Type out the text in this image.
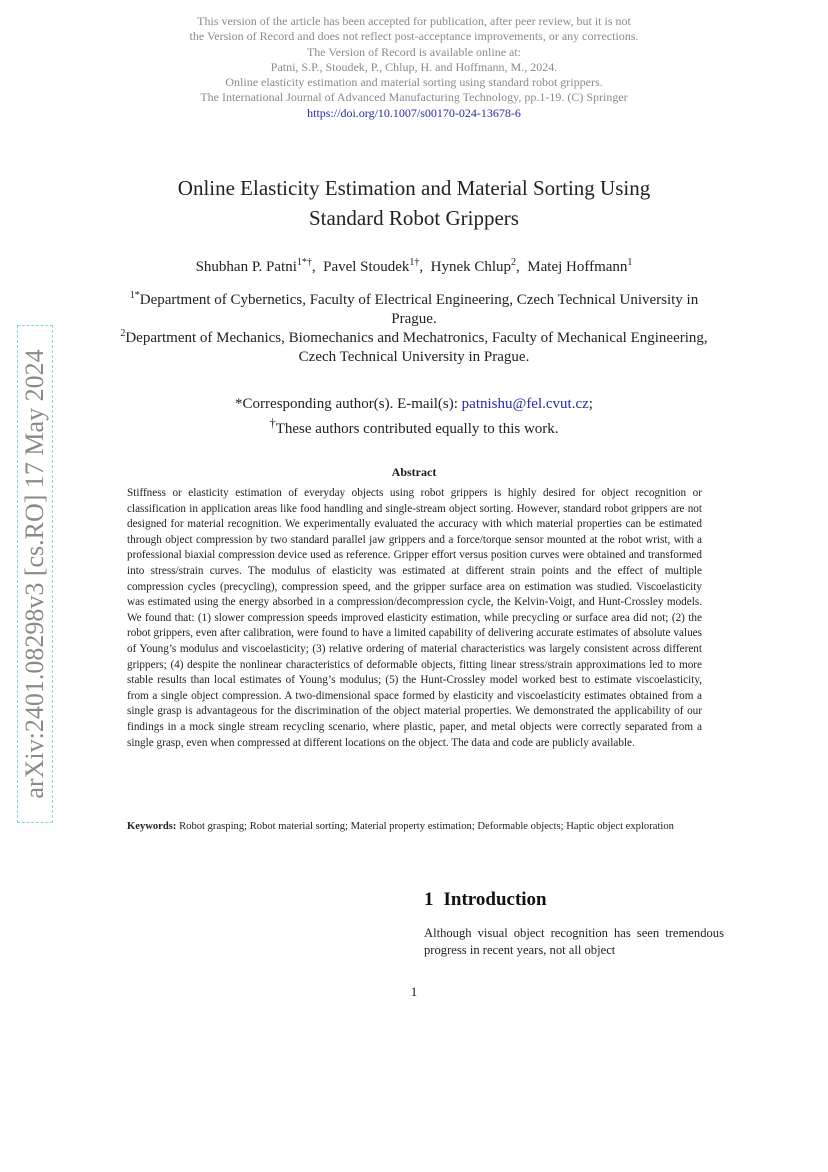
This version of the article has been accepted for publication, after peer review, but it is not
the Version of Record and does not reflect post-acceptance improvements, or any corrections.
The Version of Record is available online at:
Patni, S.P., Stoudek, P., Chlup, H. and Hoffmann, M., 2024.
Online elasticity estimation and material sorting using standard robot grippers.
The International Journal of Advanced Manufacturing Technology, pp.1-19. (C) Springer
https://doi.org/10.1007/s00170-024-13678-6
Online Elasticity Estimation and Material Sorting Using
Standard Robot Grippers
Shubhan P. Patni$^{1*\dagger}$,  Pavel Stoudek$^{1\dagger}$,  Hynek Chlup$^2$,  Matej Hoffmann$^1$
$^{1*}$Department of Cybernetics, Faculty of Electrical Engineering, Czech Technical University in Prague.
$^2$Department of Mechanics, Biomechanics and Mechatronics, Faculty of Mechanical Engineering, Czech Technical University in Prague.
*Corresponding author(s). E-mail(s): patnishu@fel.cvut.cz;
†These authors contributed equally to this work.
Abstract
Stiffness or elasticity estimation of everyday objects using robot grippers is highly desired for object recognition or classification in application areas like food handling and single-stream object sorting. However, standard robot grippers are not designed for material recognition. We experimentally evaluated the accuracy with which material properties can be estimated through object compression by two standard parallel jaw grippers and a force/torque sensor mounted at the robot wrist, with a professional biaxial compression device used as reference. Gripper effort versus position curves were obtained and transformed into stress/strain curves. The modulus of elasticity was estimated at different strain points and the effect of multiple compression cycles (precycling), compression speed, and the gripper surface area on estimation was studied. Viscoelasticity was estimated using the energy absorbed in a compression/decompression cycle, the Kelvin-Voigt, and Hunt-Crossley models. We found that: (1) slower compression speeds improved elasticity estimation, while precycling or surface area did not; (2) the robot grippers, even after calibration, were found to have a limited capability of delivering accurate estimates of absolute values of Young’s modulus and viscoelasticity; (3) relative ordering of material characteristics was largely consistent across different grippers; (4) despite the nonlinear characteristics of deformable objects, fitting linear stress/strain approximations led to more stable results than local estimates of Young’s modulus; (5) the Hunt-Crossley model worked best to estimate viscoelasticity, from a single object compression. A two-dimensional space formed by elasticity and viscoelasticity estimates obtained from a single grasp is advantageous for the discrimination of the object material properties. We demonstrated the applicability of our findings in a mock single stream recycling scenario, where plastic, paper, and metal objects were correctly separated from a single grasp, even when compressed at different locations on the object. The data and code are publicly available.
Keywords: Robot grasping; Robot material sorting; Material property estimation; Deformable objects; Haptic object exploration
1 Introduction
Although visual object recognition has seen tremendous progress in recent years, not all object
1
arXiv:2401.08298v3 [cs.RO] 17 May 2024
